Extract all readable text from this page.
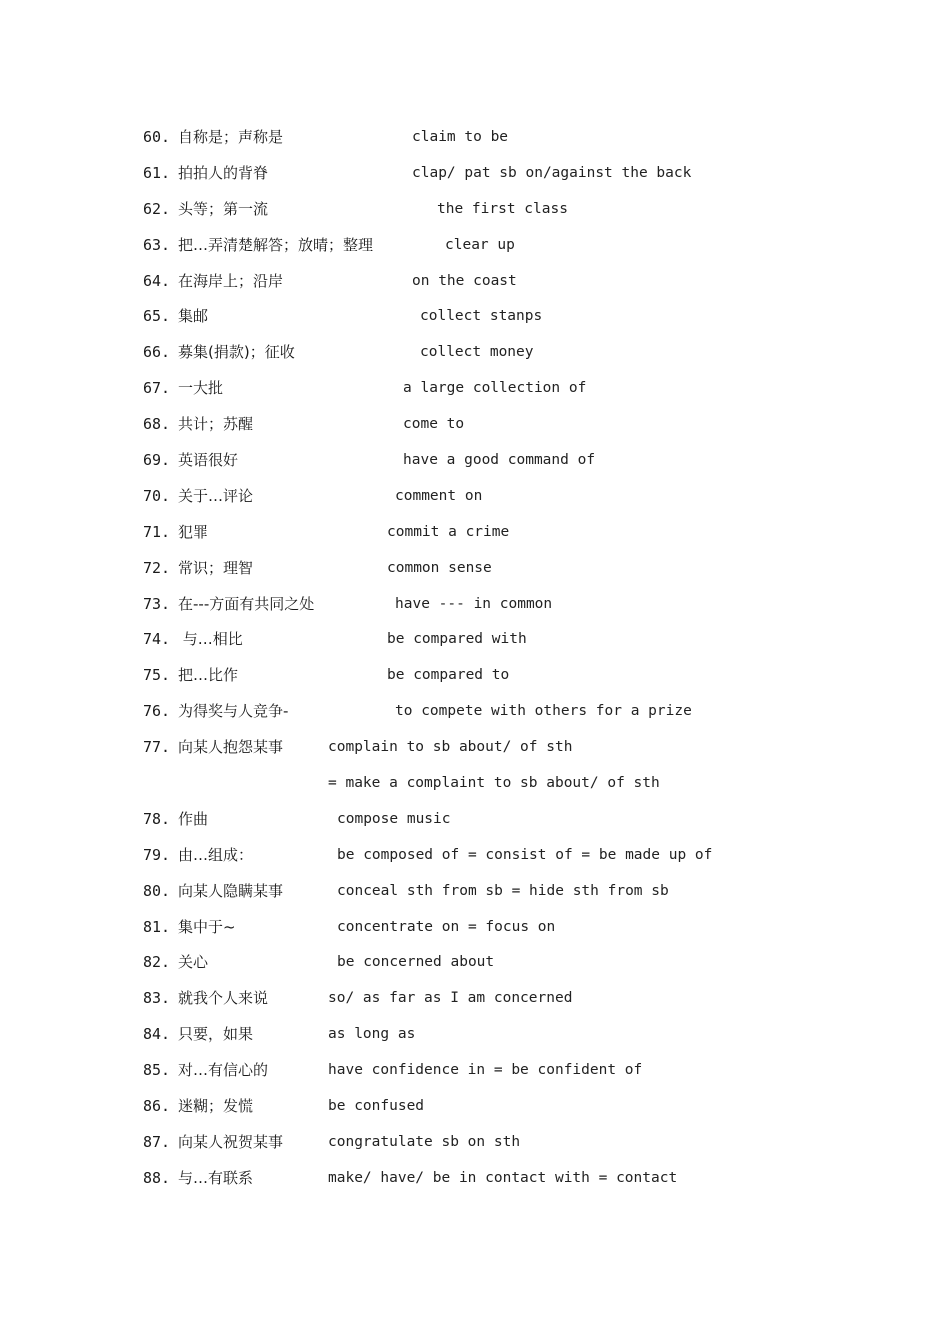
60. 自称是；声称是	claim to be
61. 拍拍人的背脊	clap/ pat sb on/against the back
62. 头等；第一流	the first class
63. 把…弄清楚解答；放晴；整理	clear up
64. 在海岸上；沿岸	on the coast
65. 集邮	collect stanps
66. 募集(捐款)；征收	collect money
67. 一大批	a large collection of
68. 共计；苏醒	come to
69. 英语很好	have a good command of
70. 关于…评论	comment on
71. 犯罪	commit a crime
72. 常识；理智	common sense
73. 在---方面有共同之处	have --- in common
74. 与…相比	be compared with
75. 把…比作	be compared to
76. 为得奖与人竞争-	to compete with others for a prize
77. 向某人抱怨某事	complain to sb about/ of sth
= make a complaint to sb about/ of sth
78. 作曲	compose music
79. 由…组成：	be composed of = consist of = be made up of
80. 向某人隐瞒某事	conceal sth from sb = hide sth from sb
81. 集中于~	concentrate on = focus on
82. 关心	be concerned about
83. 就我个人来说	so/ as far as I am concerned
84. 只要，如果	as long as
85. 对…有信心的	have confidence in = be confident of
86. 迷糊；发慌	be confused
87. 向某人祝贺某事	congratulate sb on sth
88. 与…有联系	make/ have/ be in contact with = contact
